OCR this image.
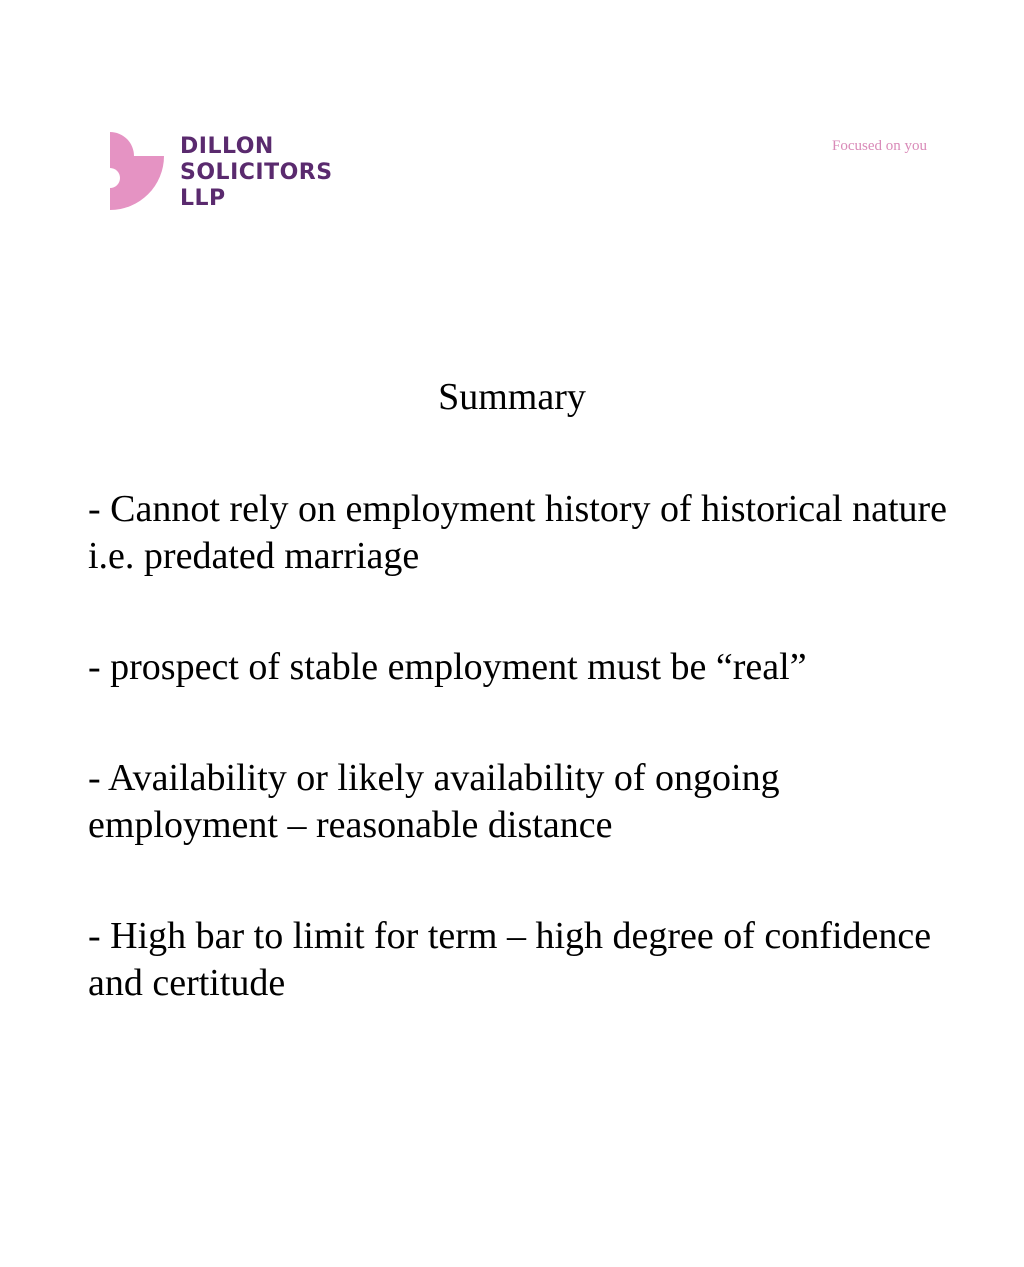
DILLON
SOLICITORS
LLP
Focused on you
Summary
- Cannot rely on employment history of historical nature i.e. predated marriage
- prospect of stable employment must be “real”
- Availability or likely availability of ongoing employment – reasonable distance
- High bar to limit for term – high degree of confidence and certitude
